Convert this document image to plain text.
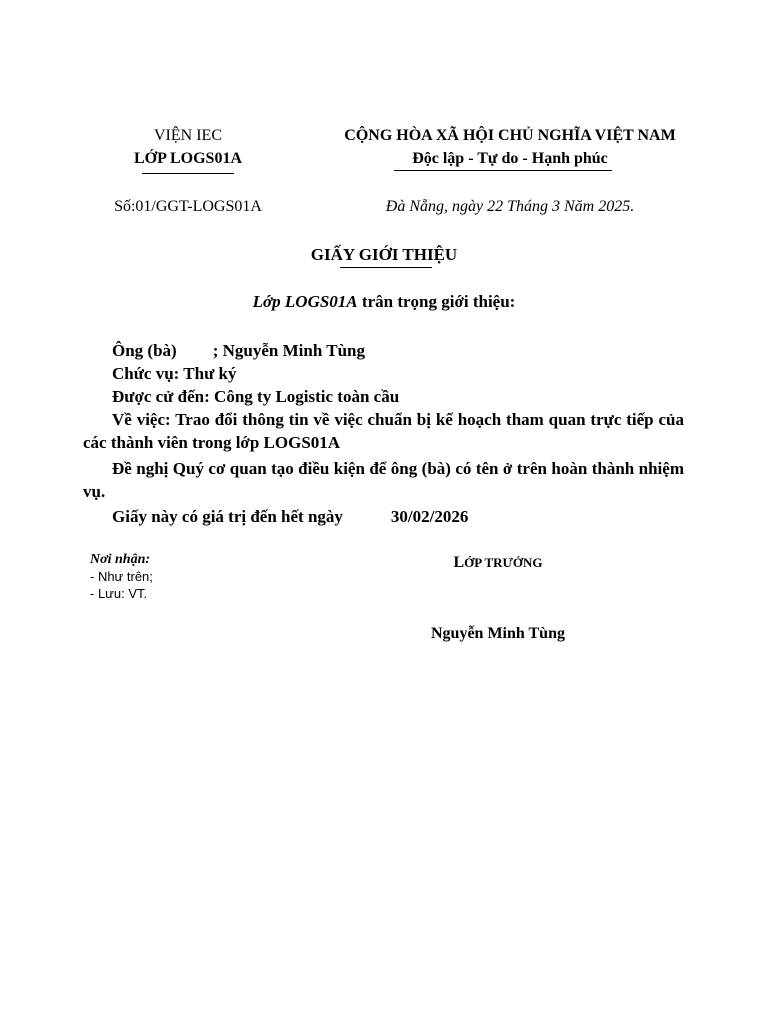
VIỆN IEC
LỚP LOGS01A
CỘNG HÒA XÃ HỘI CHỦ NGHĨA VIỆT NAM
Độc lập - Tự do - Hạnh phúc
Số:01/GGT-LOGS01A	Đà Nẵng, ngày 22 Tháng 3 Năm 2025.
GIẤY GIỚI THIỆU
Lớp LOGS01A trân trọng giới thiệu:
Ông (bà) ; Nguyễn Minh Tùng
Chức vụ: Thư ký
Được cử đến: Công ty Logistic toàn cầu
Về việc: Trao đổi thông tin về việc chuẩn bị kế hoạch tham quan trực tiếp của các thành viên trong lớp LOGS01A
Đề nghị Quý cơ quan tạo điều kiện để ông (bà) có tên ở trên hoàn thành nhiệm vụ.
Giấy này có giá trị đến hết ngày	30/02/2026
Nơi nhận:
- Như trên;
- Lưu: VT.
LỚP TRƯỞNG
Nguyễn Minh Tùng
